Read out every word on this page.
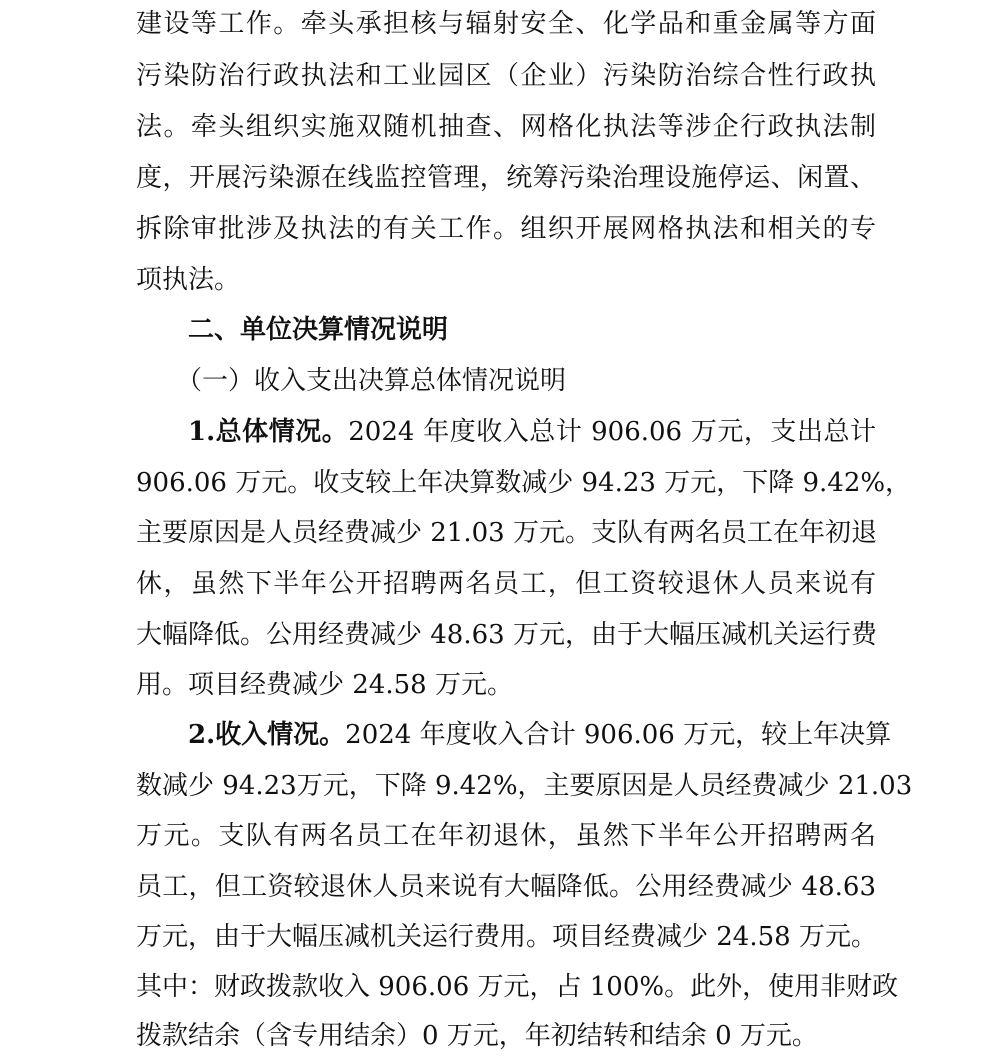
建设等工作。牵头承担核与辐射安全、化学品和重金属等方面
污染防治行政执法和工业园区（企业）污染防治综合性行政执
法。牵头组织实施双随机抽查、网格化执法等涉企行政执法制
度，开展污染源在线监控管理，统筹污染治理设施停运、闲置、
拆除审批涉及执法的有关工作。组织开展网格执法和相关的专
项执法。
二、单位决算情况说明
（一）收入支出决算总体情况说明
1.总体情况。2024 年度收入总计 906.06 万元，支出总计
906.06 万元。收支较上年决算数减少 94.23 万元，下降 9.42%，
主要原因是人员经费减少 21.03 万元。支队有两名员工在年初退
休，虽然下半年公开招聘两名员工，但工资较退休人员来说有
大幅降低。公用经费减少 48.63 万元，由于大幅压减机关运行费
用。项目经费减少 24.58 万元。
2.收入情况。2024 年度收入合计 906.06 万元，较上年决算
数减少 94.23万元，下降 9.42%，主要原因是人员经费减少 21.03
万元。支队有两名员工在年初退休，虽然下半年公开招聘两名
员工，但工资较退休人员来说有大幅降低。公用经费减少 48.63
万元，由于大幅压减机关运行费用。项目经费减少 24.58 万元。
其中：财政拨款收入 906.06 万元，占 100%。此外，使用非财政
拨款结余（含专用结余）0 万元，年初结转和结余 0 万元。
